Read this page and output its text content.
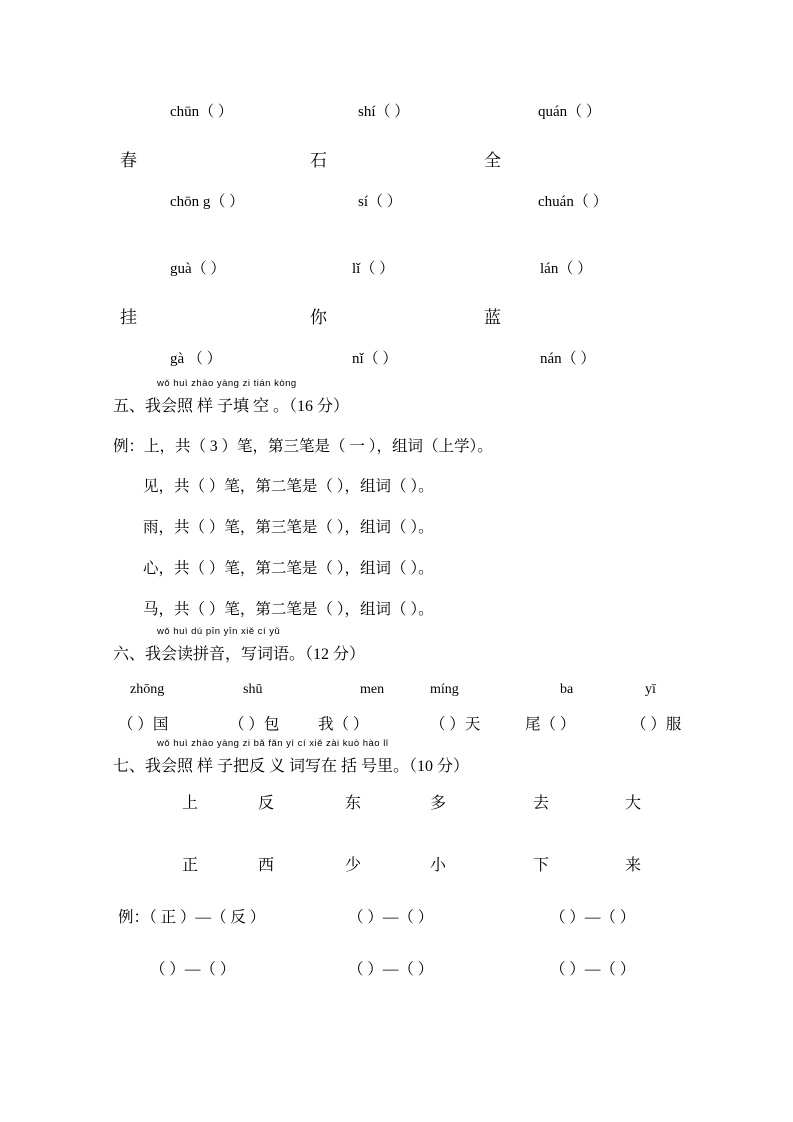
chūn（ ）	shí（ ）	quán（ ）
春	石	全
chōn g（ ）	sí（ ）	chuán（ ）
guà（ ）	lǐ（ ）	lán（ ）
挂	你	蓝
gà （ ）	nǐ（ ）	nán（ ）
wǒ huì zhào yàng zi tián kòng
五、我会照 样 子填 空 。（16 分）
例：上，共（ 3 ）笔，第三笔是（ 一 ），组词（上学）。
见，共（ ）笔，第二笔是（ ），组词（ ）。
雨，共（ ）笔，第三笔是（ ），组词（ ）。
心，共（ ）笔，第二笔是（ ），组词（ ）。
马，共（ ）笔，第二笔是（ ），组词（ ）。
wǒ huì dú pīn yīn xiě cí yǔ
六、我会读拼音，写词语。（12 分）
zhōng	shū	men	míng	ba	yī
（ ）国	（ ）包 我（ ）	（ ）天	尾（ ）	（ ）服
wǒ huì zhào yàng zi bǎ fǎn yì cí xiě zài kuò hào lǐ
七、我会照 样 子把反 义 词写在 括 号里。（10 分）
上	反	东	多	去	大
正	西	少	小	下	来
例：（ 正 ）—（ 反 ）	（ ）—（ ）	（ ）—（ ）
（ ）—（ ）	（ ）—（ ）	（ ）—（ ）
